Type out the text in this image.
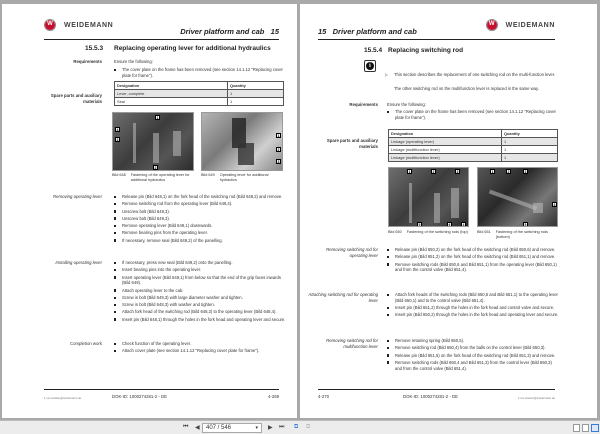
W
WEIDEMANN
Driver platform and cab 15
15.5.3 Replacing operating lever for additional hydraulics
Requirements	Ensure the following:
The cover plate on the frame has been removed (see section 14.1.12 "Replacing cover plate for frame").
Spare parts and auxiliary materials
Designation	Quantity
Lever, complete	1
Seal	1
1
4
3
2
Bild 648 Fastening of the operating lever for additional hydraulics
1
2
3
Bild 649 Operating lever for additional hydraulics
Removing operating lever	Release pin (Bild 648,1) on the fork head of the switching rod (Bild 648,2) and remove.
Remove switching rod from the operating lever (Bild 648,4).
Unscrew bolt (Bild 648,3).
Unscrew bolt (Bild 649,3).
Remove operating lever (Bild 649,1) downwards.
Remove bearing pins from the operating lever.
If necessary, remove seal (Bild 649,2) of the panelling.
Installing operating lever	If necessary, press new seal (Bild 649,2) onto the panelling.
Insert bearing pins into the operating lever.
Insert operating lever (Bild 649,1) from below so that the end of the grip faces inwards (Bild 649).
Attach operating lever to the cab.
Screw in bolt (Bild 649,3) with large diameter washer and tighten.
Screw in bolt (Bild 648,3) with washer and tighten.
Attach fork head of the switching rod (Bild 648,2) to the operating lever (Bild 648,4).
Insert pin (Bild 648,1) through the holes in the fork head and operating lever and secure.
Completion work	Check function of the operating lever.
Attach cover plate (see section 14.1.12 "Replacing cover plate for frame").
1 xxx.wacker@weidemann.de	DOK-ID: 1000274281-2 - DE	4-269
15 Driver platform and cab
W
WEIDEMANN
15.5.4 Replacing switching rod
i
▷ This section describes the replacement of one switching rod on the multi-function lever.
The other switching rod on the multifunction lever is replaced in the same way.
Requirements Ensure the following:
The cover plate on the frame has been removed (see section 14.1.12 "Replacing cover plate for frame").
Spare parts and auxiliary materials
Designation	Quantity
Linkage (operating lever)	1
Linkage (multifunction lever)	1
Linkage (multifunction lever)	1
1	2	3
5	6	4
Bild 650 Fastening of the switching rods (top)
1	2	3
4
5
Bild 651 Fastening of the switching rods (bottom)
Removing switching rod for operating lever
Release pin (Bild 650,2) on the fork head of the switching rod (Bild 650,6) and remove.
Release pin (Bild 651,2) on the fork head of the switching rod (Bild 651,1) and remove.
Remove switching rods (Bild 650,6 and Bild 651,1) from the operating lever (Bild 650,1) and from the control valve (Bild 651,4).
Attaching switching rod for operating lever
Attach fork heads of the switching rods (Bild 650,6 and Bild 651,1) to the operating lever (Bild 650,1) and to the control valve (Bild 651,4).
Insert pin (Bild 651,2) through the holes in the fork head and control valve and secure.
Insert pin (Bild 650,2) through the holes in the fork head and operating lever and secure.
Removing switching rod for multifunction lever
Remove retaining spring (Bild 650,5).
Remove switching rod (Bild 650,4) from the balls on the control lever (Bild 650,3).
Release pin (Bild 651,5) on the fork head of the switching rod (Bild 651,3) and remove.
Remove switching rods (Bild 650,4 and Bild 651,3) from the control lever (Bild 650,3) and from the control valve (Bild 651,4).
4-270	DOK-ID: 1000274281-2 - DE	1 xxx.wacker@weidemann.de
⏮ ◀	407 / 546	▾ ▶ ⏭ ⧉ ⧉
